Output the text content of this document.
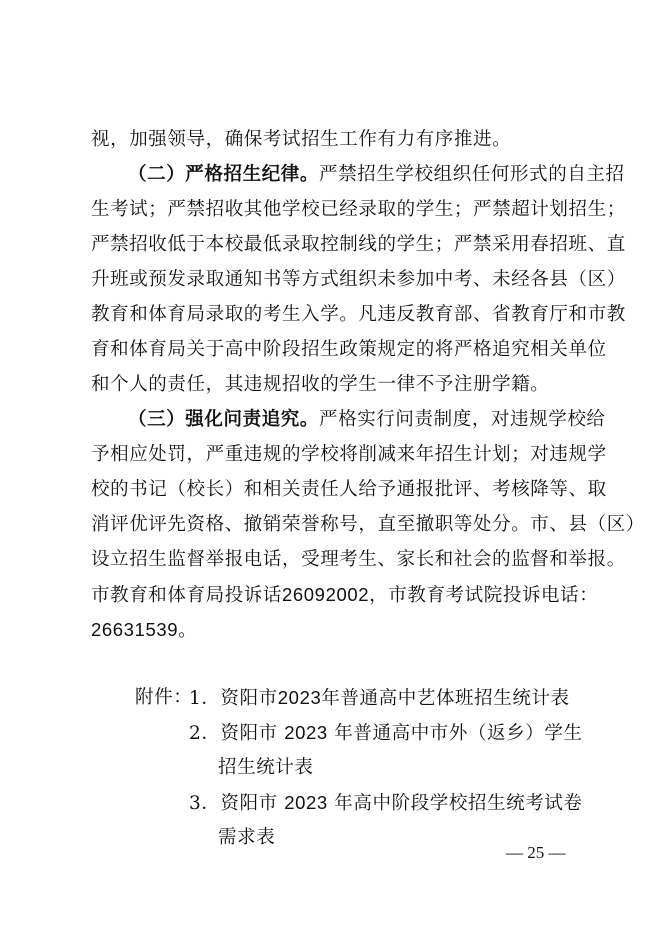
视，加强领导，确保考试招生工作有力有序推进。
（二）严格招生纪律。严禁招生学校组织任何形式的自主招
生考试；严禁招收其他学校已经录取的学生；严禁超计划招生；
严禁招收低于本校最低录取控制线的学生；严禁采用春招班、直
升班或预发录取通知书等方式组织未参加中考、未经各县（区）
教育和体育局录取的考生入学。凡违反教育部、省教育厅和市教
育和体育局关于高中阶段招生政策规定的将严格追究相关单位
和个人的责任，其违规招收的学生一律不予注册学籍。
（三）强化问责追究。严格实行问责制度，对违规学校给
予相应处罚，严重违规的学校将削减来年招生计划；对违规学
校的书记（校长）和相关责任人给予通报批评、考核降等、取
消评优评先资格、撤销荣誉称号，直至撤职等处分。市、县（区）
设立招生监督举报电话，受理考生、家长和社会的监督和举报。
市教育和体育局投诉话26092002，市教育考试院投诉电话：
26631539。
附件：
1．资阳市2023年普通高中艺体班招生统计表
2．资阳市 2023 年普通高中市外（返乡）学生
招生统计表
3．资阳市 2023 年高中阶段学校招生统考试卷
需求表
— 25 —
